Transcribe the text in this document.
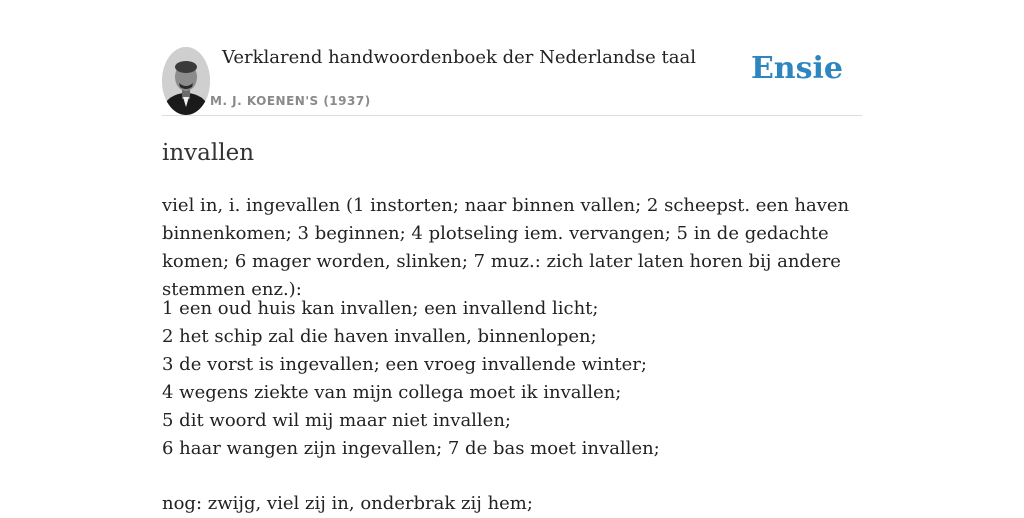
Verklarend handwoordenboek der Nederlandse taal
M. J. KOENEN'S (1937)
Ensie
invallen
viel in, i. ingevallen (1 instorten; naar binnen vallen; 2 scheepst. een haven binnenkomen; 3 beginnen; 4 plotseling iem. vervangen; 5 in de gedachte komen; 6 mager worden, slinken; 7 muz.: zich later laten horen bij andere stemmen enz.):
1 een oud huis kan invallen; een invallend licht;
2 het schip zal die haven invallen, binnenlopen;
3 de vorst is ingevallen; een vroeg invallende winter;
4 wegens ziekte van mijn collega moet ik invallen;
5 dit woord wil mij maar niet invallen;
6 haar wangen zijn ingevallen; 7 de bas moet invallen;
nog: zwijg, viel zij in, onderbrak zij hem;
